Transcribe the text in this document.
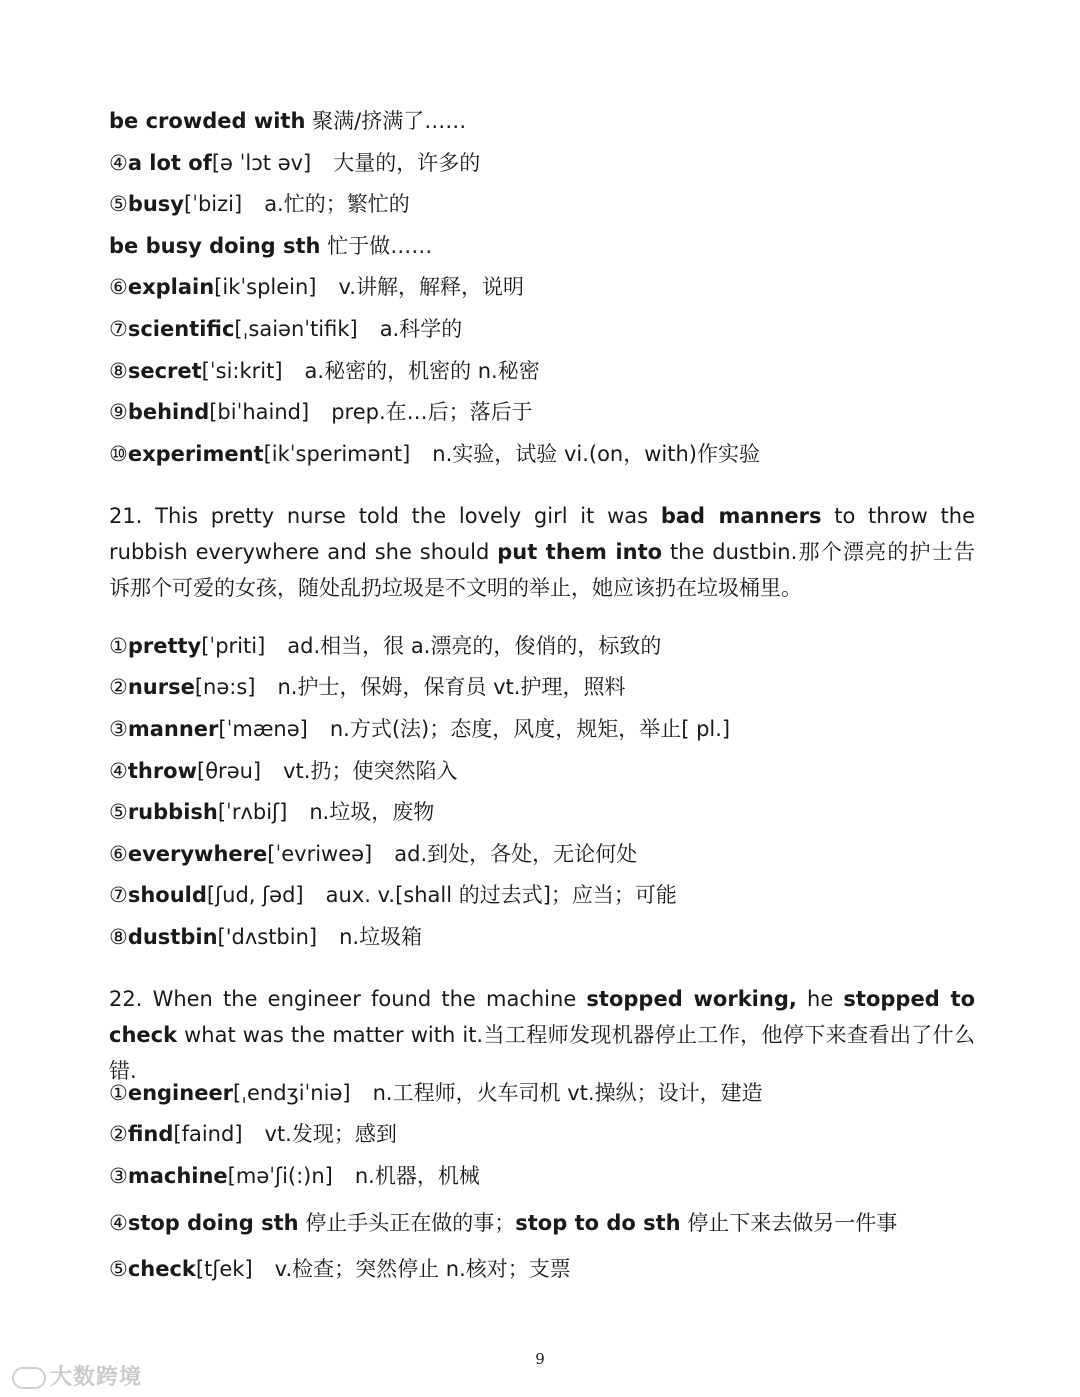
be crowded with 聚满/挤满了……
④a lot of[ə ˈlɔt əv] 大量的，许多的
⑤busy[ˈbizi] a.忙的；繁忙的
be busy doing sth 忙于做……
⑥explain[ikˈsplein] v.讲解，解释，说明
⑦scientific[ˌsaiənˈtifik] a.科学的
⑧secret[ˈsi:krit] a.秘密的，机密的 n.秘密
⑨behind[biˈhaind] prep.在…后；落后于
⑩experiment[ikˈsperimənt] n.实验，试验 vi.(on，with)作实验
21. This pretty nurse told the lovely girl it was bad manners to throw the rubbish everywhere and she should put them into the dustbin.那个漂亮的护士告诉那个可爱的女孩，随处乱扔垃圾是不文明的举止，她应该扔在垃圾桶里。
①pretty[ˈpriti] ad.相当，很 a.漂亮的，俊俏的，标致的
②nurse[nə:s] n.护士，保姆，保育员 vt.护理，照料
③manner[ˈmænə] n.方式(法)；态度，风度，规矩，举止[ pl.]
④throw[θrəu] vt.扔；使突然陷入
⑤rubbish[ˈrʌbiʃ] n.垃圾，废物
⑥everywhere[ˈevriweə] ad.到处，各处，无论何处
⑦should[ʃud, ʃəd] aux. v.[shall 的过去式]；应当；可能
⑧dustbin['dʌstbin] n.垃圾箱
22. When the engineer found the machine stopped working, he stopped to check what was the matter with it.当工程师发现机器停止工作，他停下来查看出了什么错.
①engineer[ˌendʒiˈniə] n.工程师，火车司机 vt.操纵；设计，建造
②find[faind] vt.发现；感到
③machine[məˈʃi(:)n] n.机器，机械
④stop doing sth 停止手头正在做的事；stop to do sth 停止下来去做另一件事
⑤check[tʃek] v.检查；突然停止 n.核对；支票
9
大数跨境
